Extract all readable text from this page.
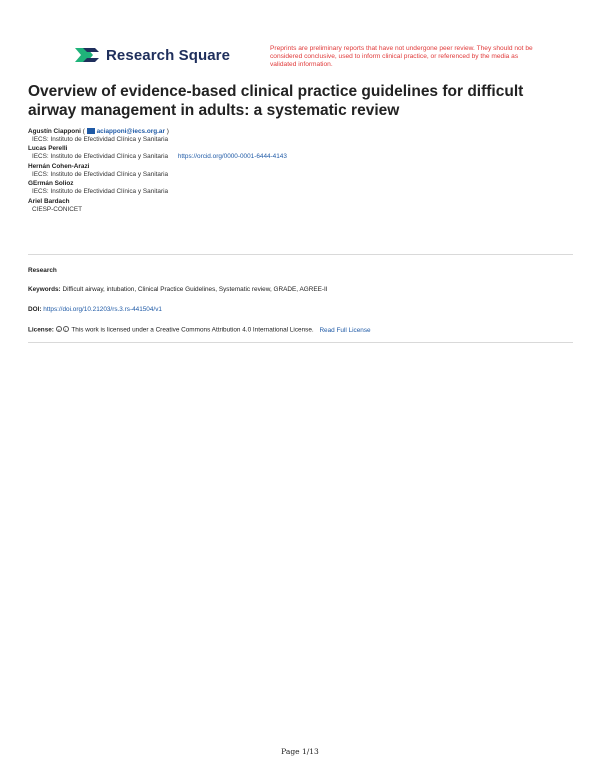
Research Square	Preprints are preliminary reports that have not undergone peer review. They should not be considered conclusive, used to inform clinical practice, or referenced by the media as validated information.
Overview of evidence-based clinical practice guidelines for difficult airway management in adults: a systematic review
Agustín Ciapponi ( aciapponi@iecs.org.ar )
IECS: Instituto de Efectividad Clínica y Sanitaria
Lucas Perelli
IECS: Instituto de Efectividad Clínica y Sanitaria https://orcid.org/0000-0001-6444-4143
Hernán Cohen-Arazi
IECS: Instituto de Efectividad Clínica y Sanitaria
GErmán Solioz
IECS: Instituto de Efectividad Clínica y Sanitaria
Ariel Bardach
CIESP-CONICET
Research
Keywords: Difficult airway, intubation, Clinical Practice Guidelines, Systematic review, GRADE, AGREE-II
DOI: https://doi.org/10.21203/rs.3.rs-441504/v1
License: c i This work is licensed under a Creative Commons Attribution 4.0 International License. Read Full License
Page 1/13
